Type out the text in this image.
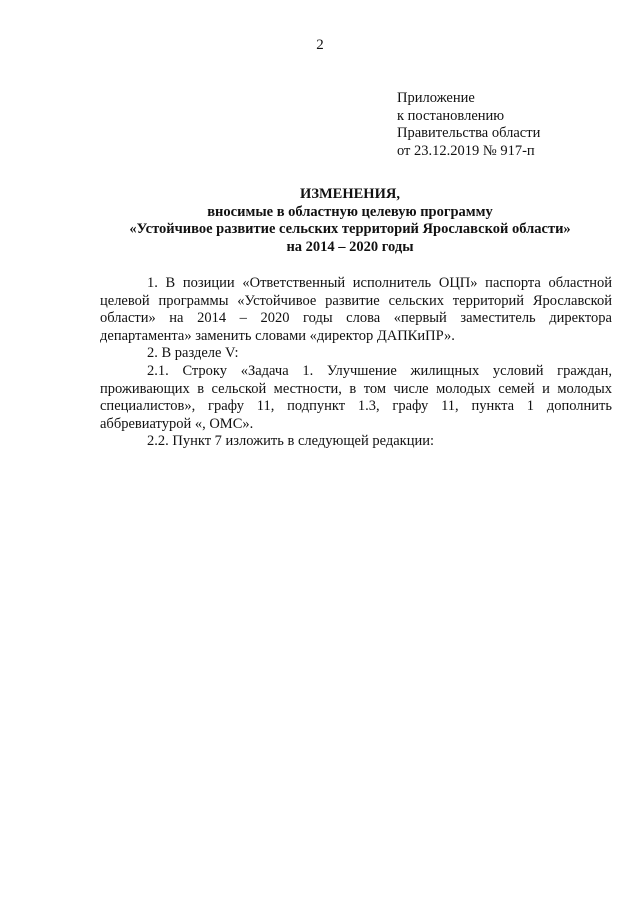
2
Приложение
к постановлению
Правительства области
от 23.12.2019 № 917-п
ИЗМЕНЕНИЯ,
вносимые в областную целевую программу
«Устойчивое развитие сельских территорий Ярославской области»
на 2014 – 2020 годы

1. В позиции «Ответственный исполнитель ОЦП» паспорта областной целевой программы «Устойчивое развитие сельских территорий Ярославской области» на 2014 – 2020 годы слова «первый заместитель директора департамента» заменить словами «директор ДАПКиПР».

2. В разделе V:

2.1. Строку «Задача 1. Улучшение жилищных условий граждан, проживающих в сельской местности, в том числе молодых семей и молодых специалистов», графу 11, подпункт 1.3, графу 11, пункта 1 дополнить аббревиатурой «, ОМС».

2.2. Пункт 7 изложить в следующей редакции:
